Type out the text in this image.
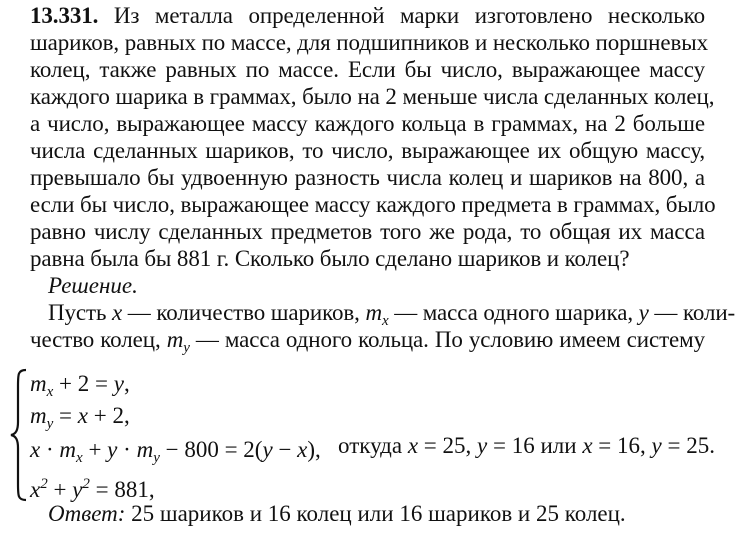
13.331. Из металла определенной марки изготовлено несколько
шариков, равных по массе, для подшипников и несколько поршневых
колец, также равных по массе. Если бы число, выражающее массу
каждого шарика в граммах, было на 2 меньше числа сделанных колец,
а число, выражающее массу каждого кольца в граммах, на 2 больше
числа сделанных шариков, то число, выражающее их общую массу,
превышало бы удвоенную разность числа колец и шариков на 800, а
если бы число, выражающее массу каждого предмета в граммах, было
равно числу сделанных предметов того же рода, то общая их масса
равна была бы 881 г. Сколько было сделано шариков и колец?
Решение.
Пусть x — количество шариков, $m_x$ — масса одного шарика, y — коли-
чество колец, $m_y$ — масса одного кольца. По условию имеем систему
$m_x + 2 = y$,
$m_y = x + 2$,
$x \cdot m_x + y \cdot m_y - 800 = 2(y - x)$,
$x^2 + y^2 = 881$,
откуда x = 25, y = 16 или x = 16, y = 25.
Ответ: 25 шариков и 16 колец или 16 шариков и 25 колец.
